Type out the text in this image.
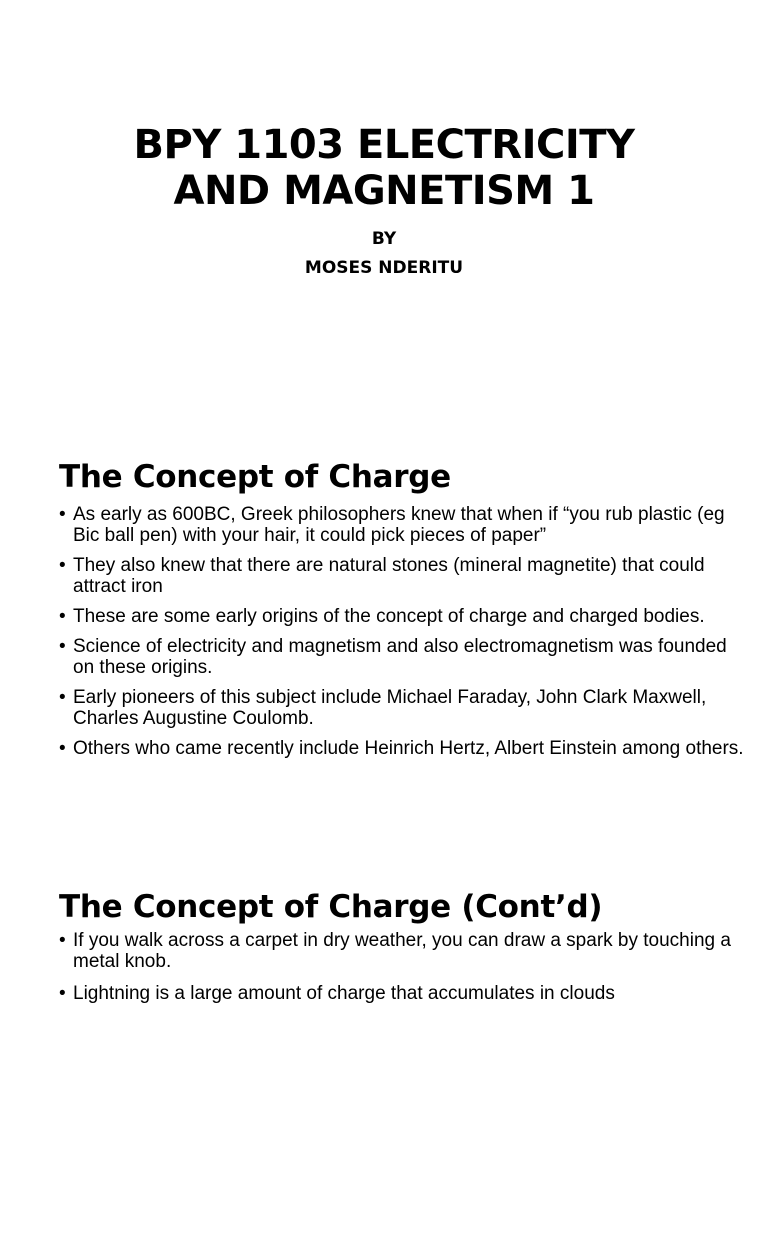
BPY 1103 ELECTRICITY
AND MAGNETISM 1

BY

MOSES NDERITU

The Concept of Charge
• As early as 600BC, Greek philosophers knew that when if “you rub plastic (eg Bic ball pen) with your hair, it could pick pieces of paper”
• They also knew that there are natural stones (mineral magnetite) that could attract iron
• These are some early origins of the concept of charge and charged bodies.
• Science of electricity and magnetism and also electromagnetism was founded on these origins.
• Early pioneers of this subject include Michael Faraday, John Clark Maxwell, Charles Augustine Coulomb.
• Others who came recently include Heinrich Hertz, Albert Einstein among others.
The Concept of Charge (Cont’d)
• If you walk across a carpet in dry weather, you can draw a spark by touching a metal knob.
• Lightning is a large amount of charge that accumulates in clouds
